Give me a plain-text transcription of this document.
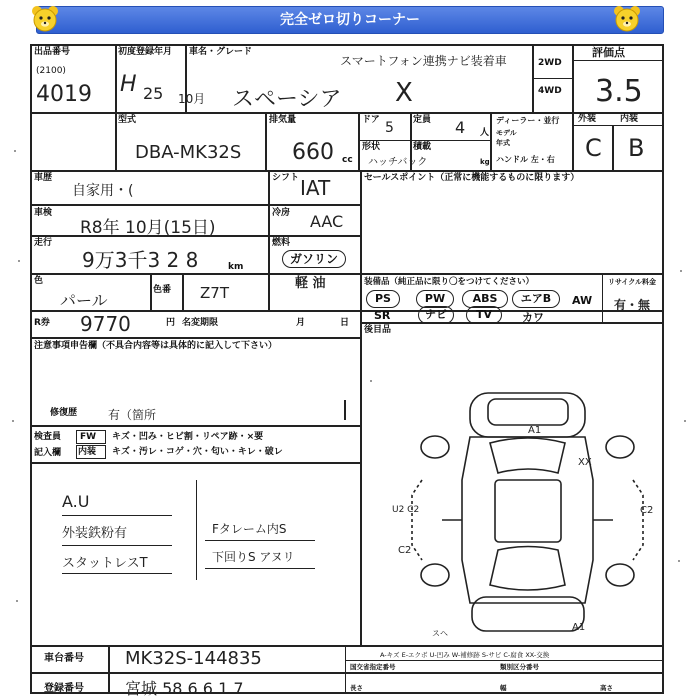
完全ゼロ切りコーナー
出品番号
(2100)
4019
初度登録年月
H 25 10月
車名・グレード
スマートフォン連携ナビ装着車
スペーシア X
2WD
4WD
評価点
3.5
型式
DBA-MK32S
排気量
660 cc
ドア 5 定員 4 人
形状
ハッチバック
積載
kg
ディーラー・並行
モデル
年式
ハンドル 左・右
外装	内装
C B
車歴
自家用・(
シフト IAT	セールスポイント（正常に機能するものに限ります）
車検
R8年 10月(15日)
冷房 AAC
走行
9万3千3 2 8	km
燃料
ガソリン
軽 油
色
パール
色番 Z7T
R券 9770	円 名変期限	月	日
装備品（純正品に限り〇をつけてください）
PS	PW	ABS	エアB	AW
SR	ナビ	TV	カワ
リサイクル料金
有・無
後目品
注意事項申告欄（不具合内容等は具体的に記入して下さい）
修復歴	有（箇所
検査員
記入欄
FW
内装
キズ・凹み・ヒビ割・リペア跡・×要
キズ・汚レ・コゲ・穴・匂い・キレ・破レ
A.U
外装鉄粉有
スタットレスT
Fタレーム内S
下回りS アヌリ
A1
XX
U2 C2	C2
C2
A1
スヘ
A-キズ E-エクボ U-凹み W-補修跡 S-サビ C-腐食 XX-交換
車台番号 MK32S-144835
登録番号	宮城 58 6 6 1 7
国交省指定番号	類別区分番号
長さ	幅	高さ
